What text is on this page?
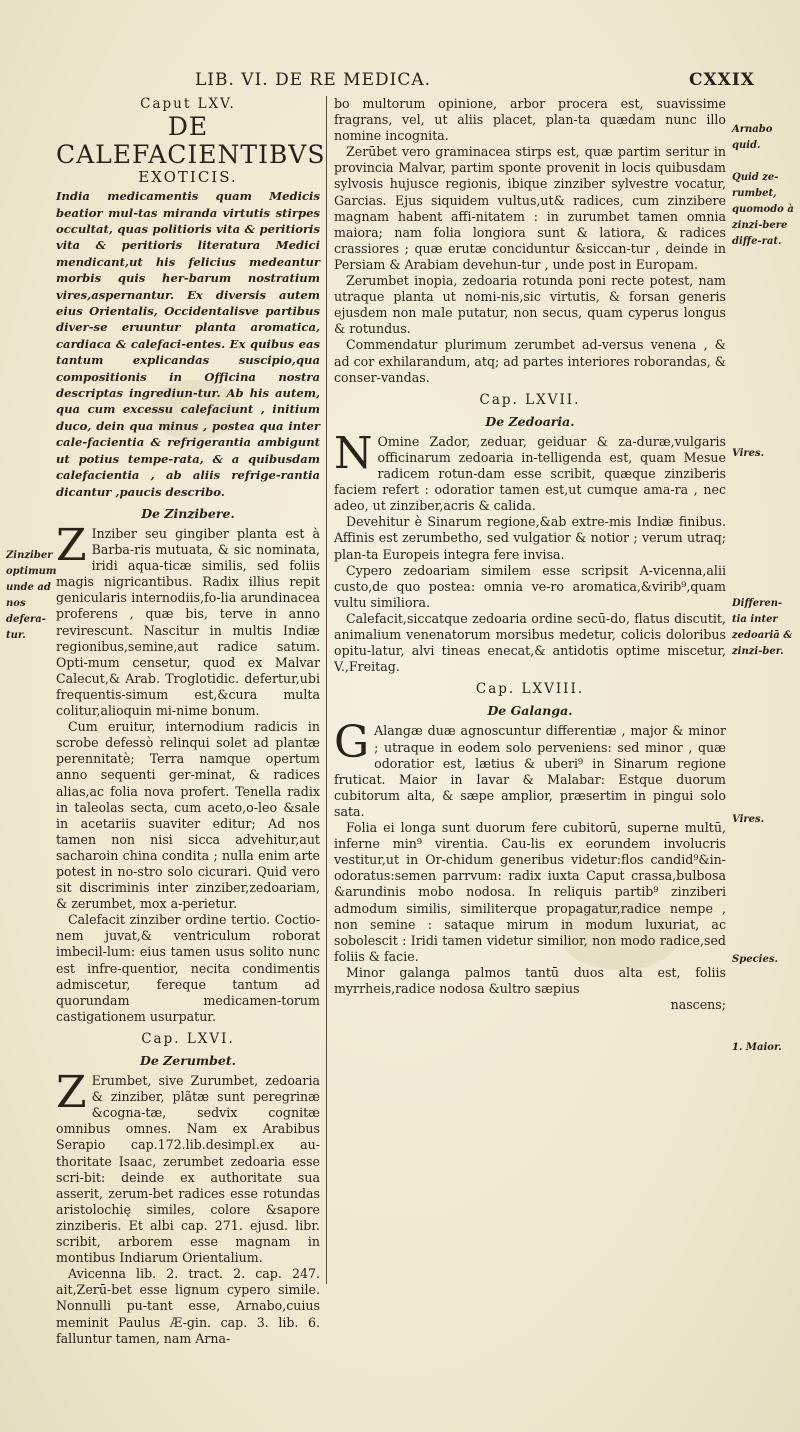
LIB. VI. DE RE MEDICA.	CXXIX
Caput LXV.
DE CALEFACIENTIBVS
EXOTICIS.

India medicamentis quam Medicis beatior mul-tas miranda virtutis stirpes occultat, quas politioris vita & peritioris vita & peritioris literatura Medici mendicant,ut his felicius medeantur morbis quis her-barum nostratium vires,aspernantur. Ex diversis autem eius Orientalis, Occidentalisve partibus diver-se eruuntur planta aromatica, cardiaca & calefaci-entes. Ex quibus eas tantum explicandas suscipio,qua compositionis in Officina nostra descriptas ingrediun-tur. Ab his autem, qua cum excessu calefaciunt , initium duco, dein qua minus , postea qua inter cale-facientia & refrigerantia ambigunt ut potius tempe-rata, & a quibusdam calefacientia , ab aliis refrige-rantia dicantur ,paucis describo.

De Zinzibere.

Z Inziber seu gingiber planta est à Barba-ris mutuata, & sic nominata, iridi aqua-ticæ similis, sed foliis magis nigricantibus. Radix illius repit genicularis internodiis,fo-lia arundinacea proferens , quæ bis, terve in anno revirescunt. Nascitur in multis Indiæ regionibus,semine,aut radice satum. Opti-mum censetur, quod ex Malvar Calecut,& Arab. Troglotidic. defertur,ubi frequentis-simum est,&cura multa colitur,alioquin mi-nime bonum.

Cum eruitur, internodium radicis in scrobe defessò relinqui solet ad plantæ perennitatè; Terra namque opertum anno sequenti ger-minat, & radices alias,ac folia nova profert. Tenella radix in taleolas secta, cum aceto,o-leo &sale in acetariis suaviter editur; Ad nos tamen non nisi sicca advehitur,aut sacharoin china condita ; nulla enim arte potest in no-stro solo cicurari. Quid vero sit discriminis inter zinziber,zedoariam, & zerumbet, mox a-perietur.

Calefacit zinziber ordine tertio. Coctio-nem juvat,& ventriculum roborat imbecil-lum: eius tamen usus solito nunc est infre-quentior, necita condimentis admiscetur, fereque tantum ad quorundam medicamen-torum castigationem usurpatur.

Cap. LXVI.
De Zerumbet.

Z Erumbet, sive Zurumbet, zedoaria & zinziber, plãtæ sunt peregrinæ &cogna-tæ, sedvix cognitæ omnibus omnes. Nam ex Arabibus Serapio cap.172.lib.desimpl.ex au-thoritate Isaac, zerumbet zedoaria esse scri-bit: deinde ex authoritate sua asserit, zerum-bet radices esse rotundas aristolochię similes, colore &sapore zinziberis. Et albi cap. 271. ejusd. libr. scribit, arborem esse magnam in montibus Indiarum Orientalium.

Avicenna lib. 2. tract. 2. cap. 247. ait,Zerū-bet esse lignum cypero simile. Nonnulli pu-tant esse, Arnabo,cuius meminit Paulus Æ-gin. cap. 3. lib. 6. falluntur tamen, nam Arna-

bo multorum opinione, arbor procera est, suavissime fragrans, vel, ut aliis placet, plan-ta quædam nunc illo nomine incognita.

Zerūbet vero graminacea stirps est, quæ partim seritur in provincia Malvar, partim sponte provenit in locis quibusdam sylvosis hujusce regionis, ibique zinziber sylvestre vocatur, Garcias. Ejus siquidem vultus,ut& radices, cum zinzibere magnam habent affi-nitatem : in zurumbet tamen omnia maiora; nam folia longiora sunt & latiora, & radices crassiores ; quæ erutæ conciduntur &siccan-tur , deinde in Persiam & Arabiam devehun-tur , unde post in Europam.

Zerumbet inopia, zedoaria rotunda poni recte potest, nam utraque planta ut nomi-nis,sic virtutis, & forsan generis ejusdem non male putatur, non secus, quam cyperus longus & rotundus.

Commendatur plurimum zerumbet ad-versus venena , & ad cor exhilarandum, atq; ad partes interiores roborandas, & conser-vandas.

Cap. LXVII.
De Zedoaria.

N Omine Zador, zeduar, geiduar & za-duræ,vulgaris officinarum zedoaria in-telligenda est, quam Mesue radicem rotun-dam esse scribit, quæque zinziberis faciem refert : odoratior tamen est,ut cumque ama-ra , nec adeo, ut zinziber,acris & calida.

Devehitur è Sinarum regione,&ab extre-mis Indiæ finibus. Affinis est zerumbetho, sed vulgatior & notior ; verum utraq; plan-ta Europeis integra fere invisa.

Cypero zedoariam similem esse scripsit A-vicenna,alii custo,de quo postea: omnia ve-ro aromatica,&virib⁹,quam vultu similiora.

Calefacit,siccatque zedoaria ordine secū-do, flatus discutit, animalium venenatorum morsibus medetur, colicis doloribus opitu-latur, alvi tineas enecat,& antidotis optime miscetur, V.,Freitag.

Cap. LXVIII.
De Galanga.

G Alangæ duæ agnoscuntur differentiæ , major & minor ; utraque in eodem solo perveniens: sed minor , quæ odoratior est, lætius & uberi⁹ in Sinarum regione fruticat. Maior in Iavar & Malabar: Estque duorum cubitorum alta, & sæpe amplior, præsertim in pingui solo sata.

Folia ei longa sunt duorum fere cubitorū, superne multū, inferne min⁹ virentia. Cau-lis ex eorundem involucris vestitur,ut in Or-chidum generibus videtur:flos candid⁹&in-odoratus:semen parrvum: radix iuxta Caput crassa,bulbosa &arundinis mobo nodosa. In reliquis partib⁹ zinziberi admodum similis, similiterque propagatur,radice nempe , non semine : sataque mirum in modum luxuriat, ac sobolescit : Iridi tamen videtur similior, non modo radice,sed foliis & facie.

Minor galanga palmos tantū duos alta est, foliis myrrheis,radice nodosa &ultro sæpius

nascens;

Zinziber optimum unde ad nos defera-tur.
Arnabo quid.
Quid ze-rumbet, quomodo à zinzi-bere diffe-rat.
Vires.
Differen-tia inter zedoariā & zinzi-ber.
Vires.
Species.
1. Maior.
